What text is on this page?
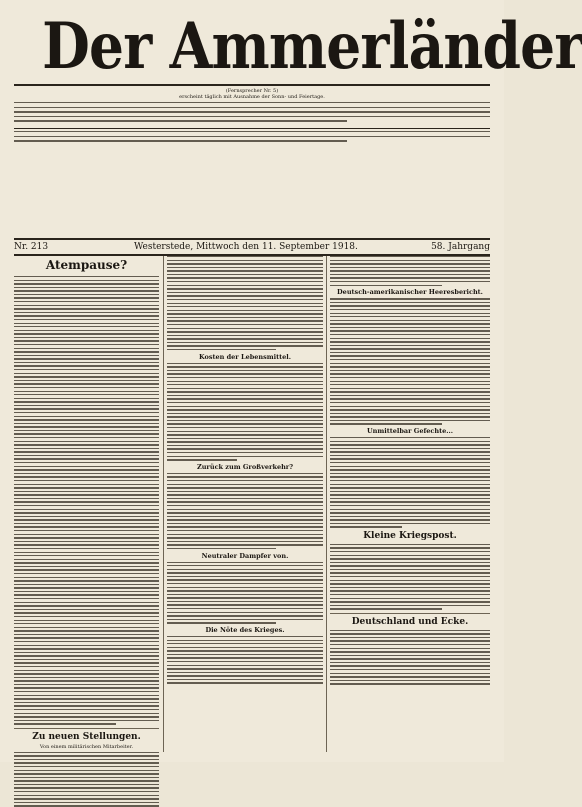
Der Ammerländer
(Fernsprecher Nr. 5)
erscheint täglich mit Ausnahme der Sonn- und Feiertage.
Nr. 213	Westerstede, Mittwoch den 11. September 1918.	58. Jahrgang
Atempause?
Zu neuen Stellungen.
Von einem militärischen Mitarbeiter.
Kosten der Lebensmittel.
Zurück zum Großverkehr?
Neutraler Dampfer von.
Die Nöte des Krieges.
Deutsch-amerikanischer Heeresbericht.
Unmittelbar Gefechte...
Kleine Kriegspost.
Deutschland und Ecke.
